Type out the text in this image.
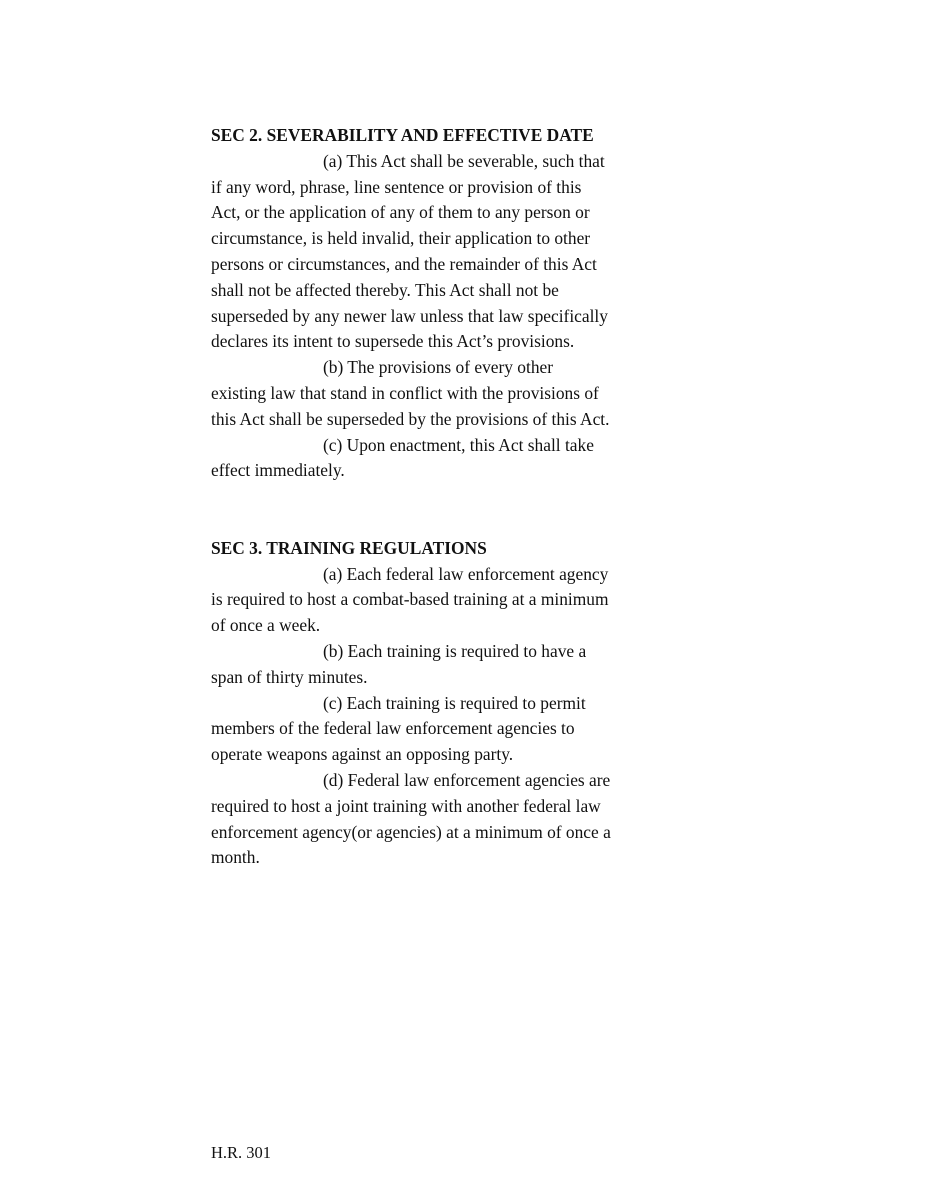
SEC 2. SEVERABILITY AND EFFECTIVE DATE

(a) This Act shall be severable, such that if any word, phrase, line sentence or provision of this Act, or the application of any of them to any person or circumstance, is held invalid, their application to other persons or circumstances, and the remainder of this Act shall not be affected thereby. This Act shall not be superseded by any newer law unless that law specifically declares its intent to supersede this Act’s provisions.

(b) The provisions of every other existing law that stand in conflict with the provisions of this Act shall be superseded by the provisions of this Act.

(c) Upon enactment, this Act shall take effect immediately.

SEC 3. TRAINING REGULATIONS

(a) Each federal law enforcement agency is required to host a combat-based training at a minimum of once a week.

(b) Each training is required to have a span of thirty minutes.

(c) Each training is required to permit members of the federal law enforcement agencies to operate weapons against an opposing party.

(d) Federal law enforcement agencies are required to host a joint training with another federal law enforcement agency(or agencies) at a minimum of once a month.

H.R. 301
